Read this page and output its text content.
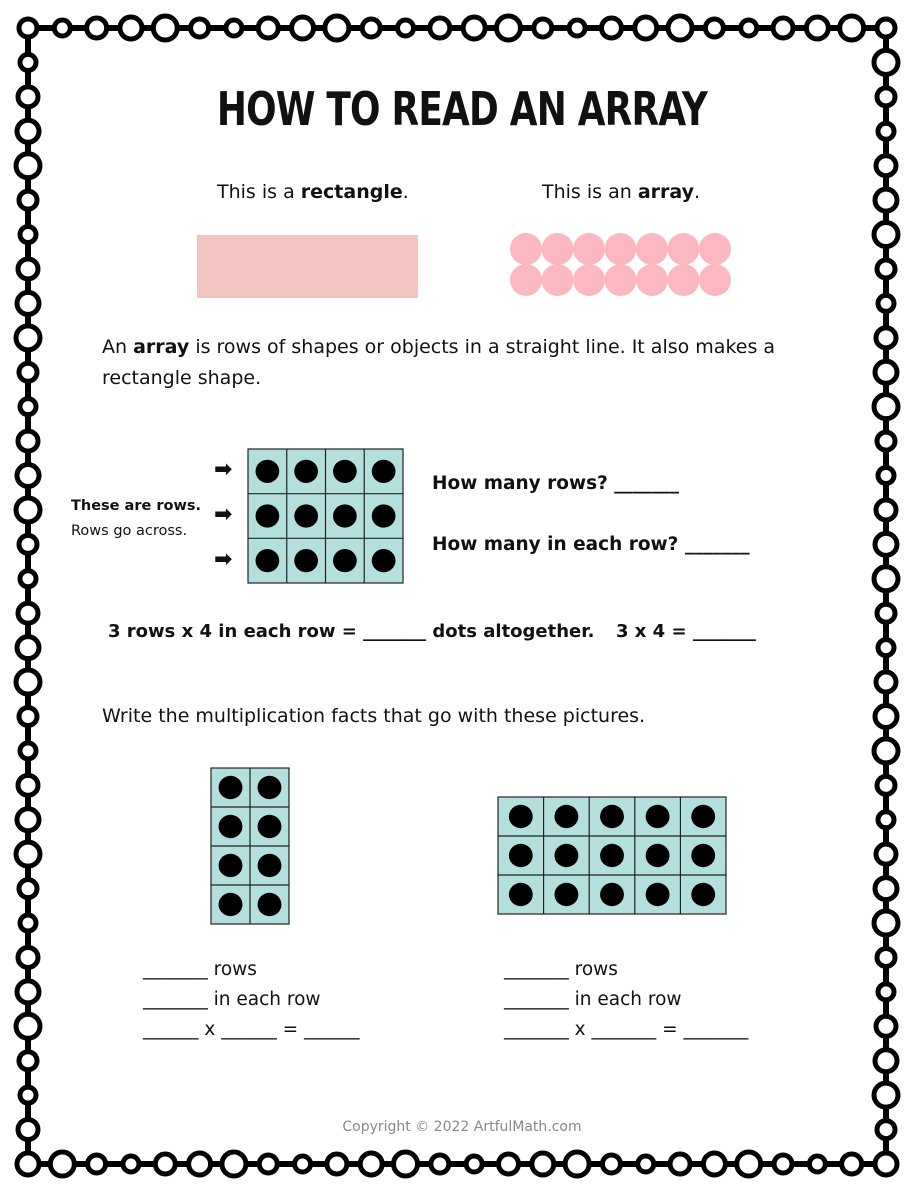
HOW TO READ AN ARRAY
This is a rectangle.	This is an array.
An array is rows of shapes or objects in a straight line. It also makes a rectangle shape.
➡
➡
➡
These are rows.
Rows go across.
How many rows? _______
How many in each row? _______
3 rows x 4 in each row = _______ dots altogether. 3 x 4 = _______
Write the multiplication facts that go with these pictures.
_______ rows
_______ in each row
______ x ______ = ______
_______ rows
_______ in each row
_______ x _______ = _______
Copyright © 2022 ArtfulMath.com
